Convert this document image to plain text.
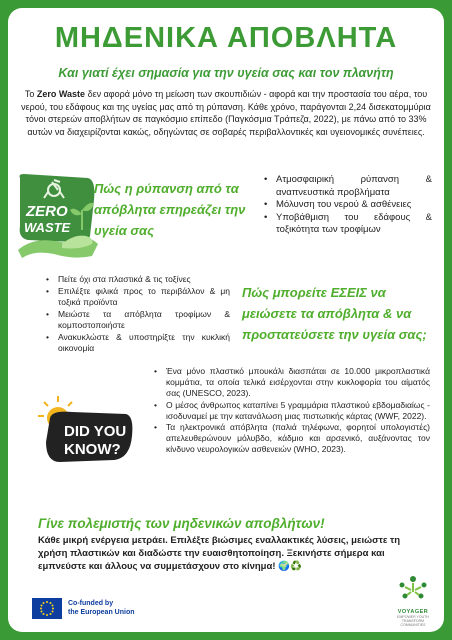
ΜΗΔΕΝΙΚΑ ΑΠΟΒΛΗΤΑ
Και γιατί έχει σημασία για την υγεία σας και τον πλανήτη
Το Zero Waste δεν αφορά μόνο τη μείωση των σκουπιδιών - αφορά και την προστασία του αέρα, του νερού, του εδάφους και της υγείας μας από τη ρύπανση. Κάθε χρόνο, παράγονται 2,24 δισεκατομμύρια τόνοι στερεών αποβλήτων σε παγκόσμιο επίπεδο (Παγκόσμια Τράπεζα, 2022), με πάνω από το 33% αυτών να διαχειρίζονται κακώς, οδηγώντας σε σοβαρές περιβαλλοντικές και υγειονομικές συνέπειες.
ZERO
WASTE
Πώς η ρύπανση από τα απόβλητα επηρεάζει την υγεία σας
• Ατμοσφαιρική ρύπανση & αναπνευστικά προβλήματα
• Μόλυνση του νερού & ασθένειες
• Υποβάθμιση του εδάφους & τοξικότητα των τροφίμων
• Πείτε όχι στα πλαστικά & τις τοξίνες
• Επιλέξτε φιλικά προς το περιβάλλον & μη τοξικά προϊόντα
• Μειώστε τα απόβλητα τροφίμων & κομποστοποιήστε
• Ανακυκλώστε & υποστηρίξτε την κυκλική οικονομία
Πώς μπορείτε ΕΣΕΙΣ να μειώσετε τα απόβλητα & να προστατεύσετε την υγεία σας;
DID YOU
KNOW?
• Ένα μόνο πλαστικό μπουκάλι διασπάται σε 10.000 μικροπλαστικά κομμάτια, τα οποία τελικά εισέρχονται στην κυκλοφορία του αίματός σας (UNESCO, 2023).
• Ο μέσος άνθρωπος καταπίνει 5 γραμμάρια πλαστικού εβδομαδιαίως - ισοδυναμεί με την κατανάλωση μιας πιστωτικής κάρτας (WWF, 2022).
• Τα ηλεκτρονικά απόβλητα (παλιά τηλέφωνα, φορητοί υπολογιστές) απελευθερώνουν μόλυβδο, κάδμιο και αρσενικό, αυξάνοντας τον κίνδυνο νευρολογικών ασθενειών (WHO, 2023).
Γίνε πολεμιστής των μηδενικών αποβλήτων!
Κάθε μικρή ενέργεια μετράει. Επιλέξτε βιώσιμες εναλλακτικές λύσεις, μειώστε τη χρήση πλαστικών και διαδώστε την ευαισθητοποίηση. Ξεκινήστε σήμερα και εμπνεύστε και άλλους να συμμετάσχουν στο κίνημα! 🌍♻️
Co-funded by
the European Union	VOYAGER
EMPOWER YOUTH TRANSFORM COMMUNITIES
